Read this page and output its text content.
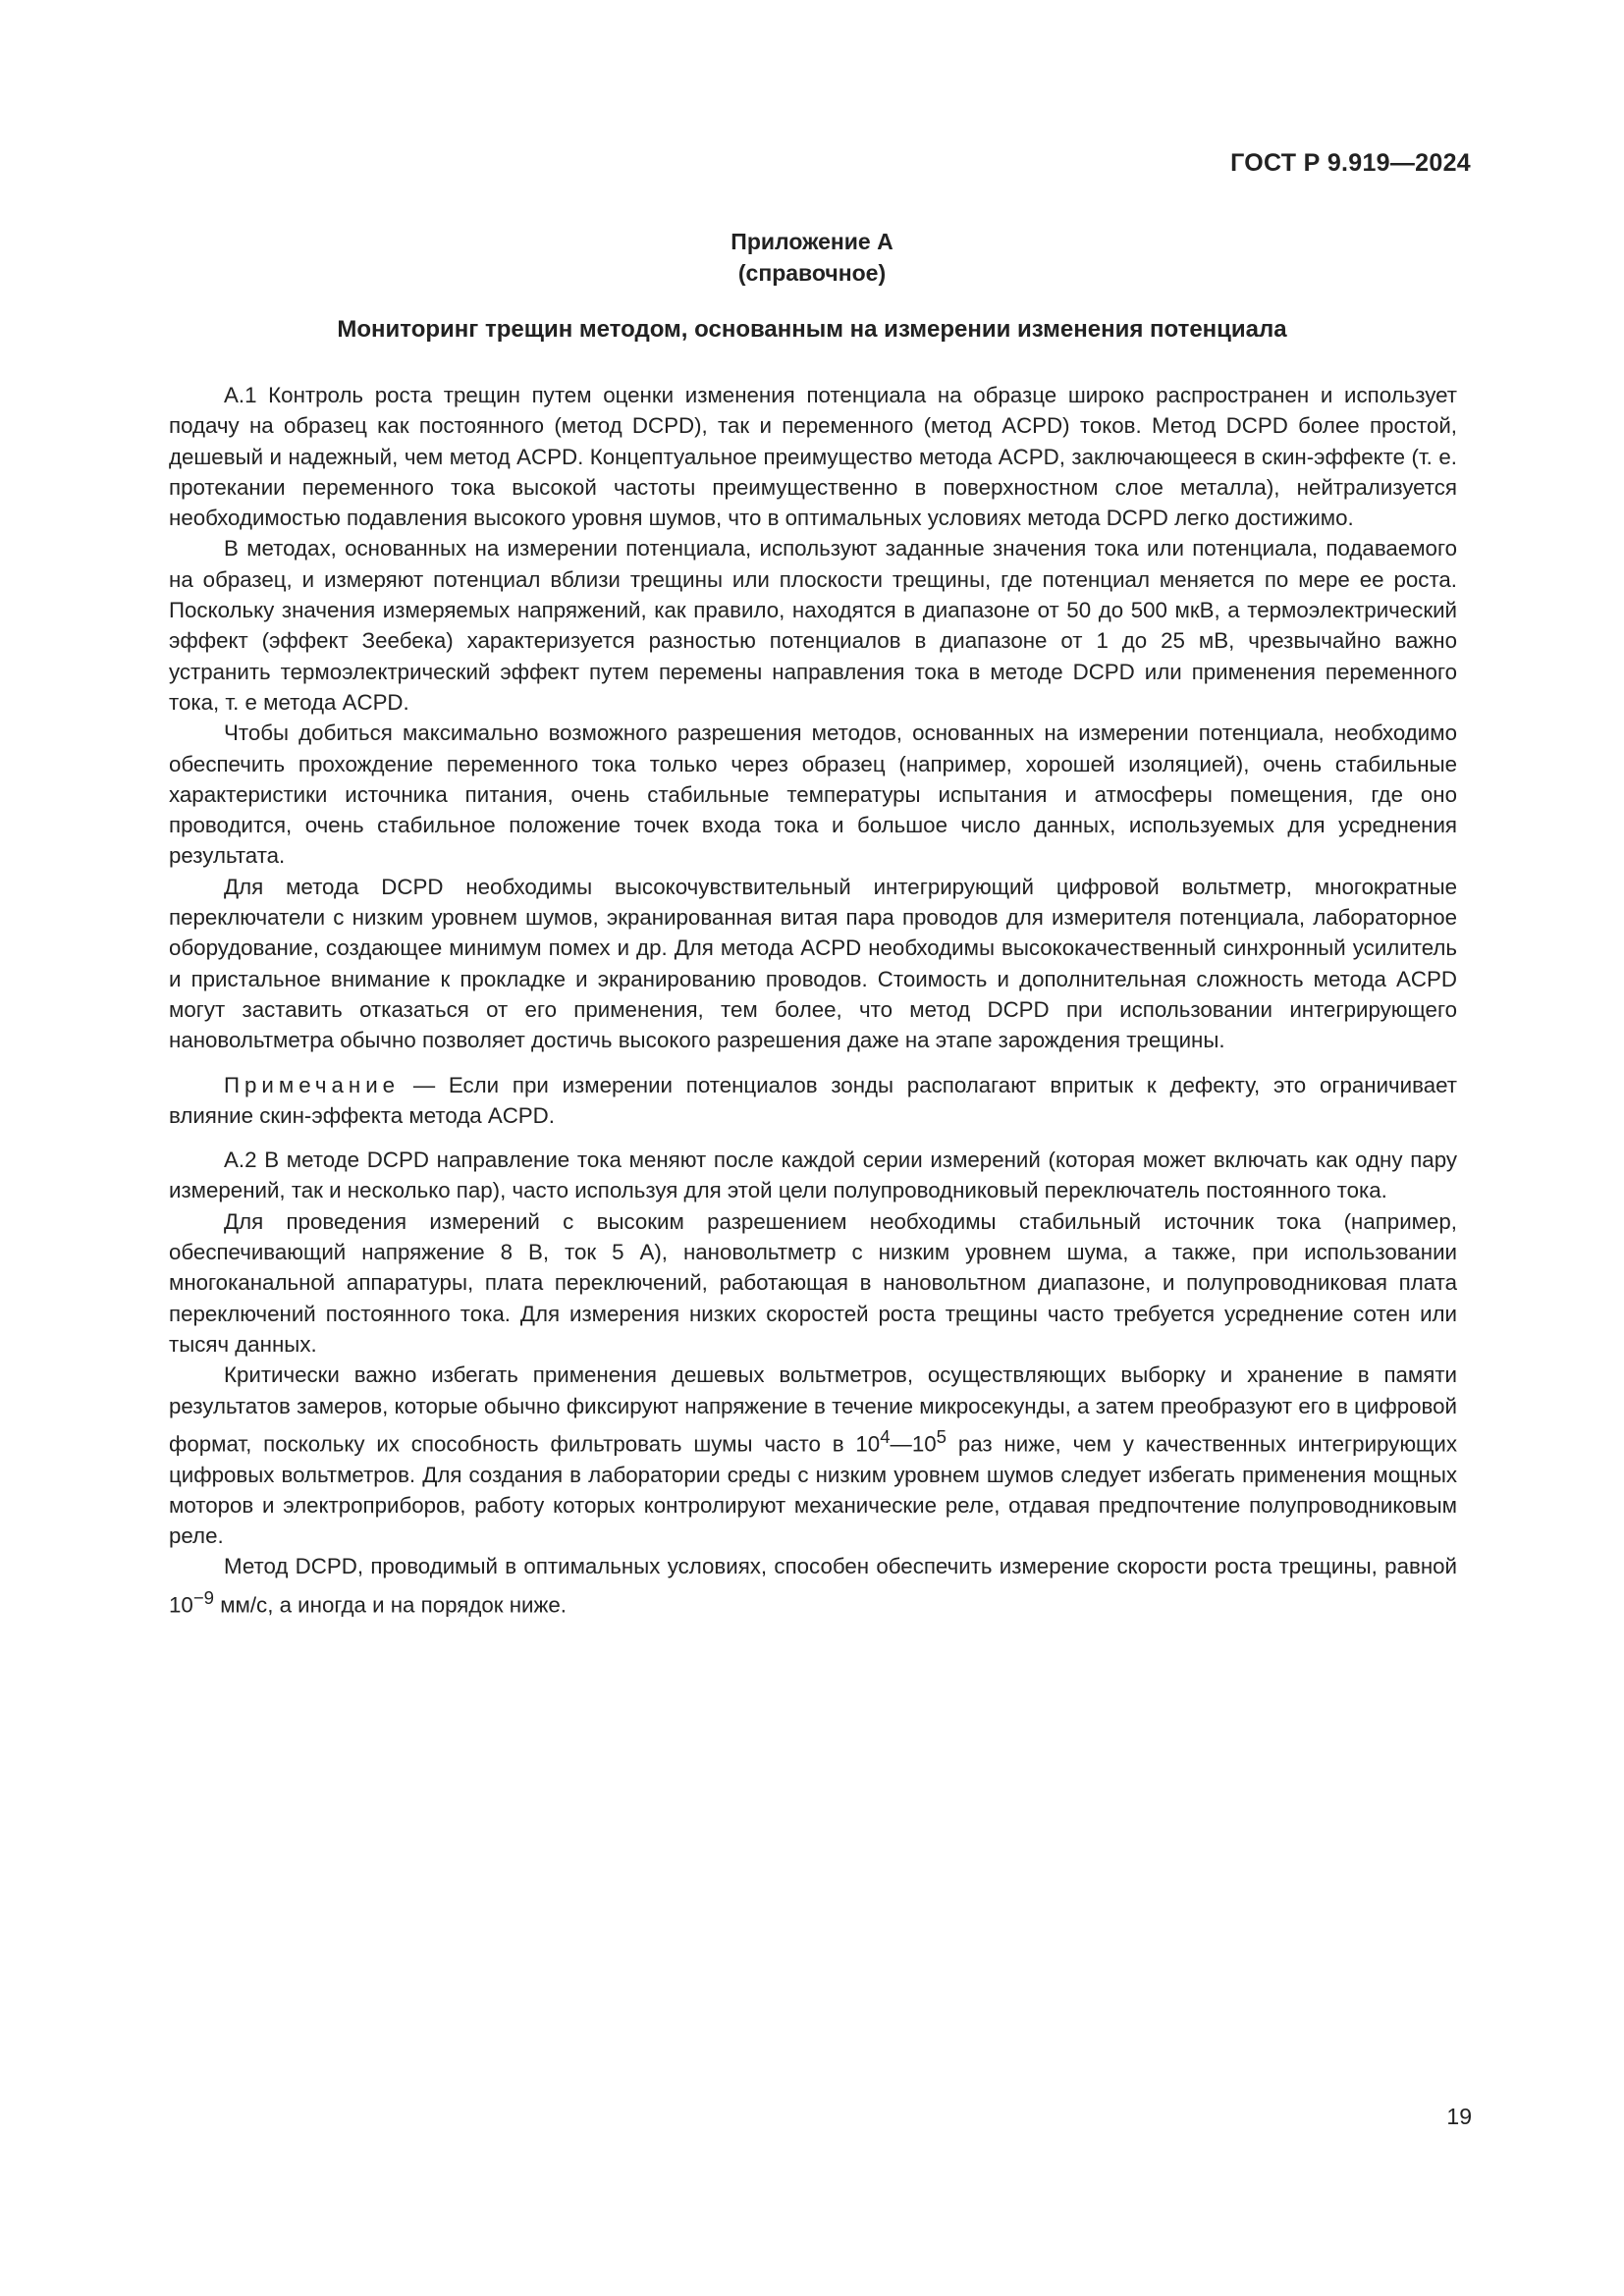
ГОСТ Р 9.919—2024
Приложение А
(справочное)
Мониторинг трещин методом, основанным на измерении изменения потенциала

А.1 Контроль роста трещин путем оценки изменения потенциала на образце широко распространен и использует подачу на образец как постоянного (метод DCPD), так и переменного (метод ACPD) токов. Метод DCPD более простой, дешевый и надежный, чем метод ACPD. Концептуальное преимущество метода ACPD, заключающееся в скин-эффекте (т. е. протекании переменного тока высокой частоты преимущественно в поверхностном слое металла), нейтрализуется необходимостью подавления высокого уровня шумов, что в оптимальных условиях метода DCPD легко достижимо.

В методах, основанных на измерении потенциала, используют заданные значения тока или потенциала, подаваемого на образец, и измеряют потенциал вблизи трещины или плоскости трещины, где потенциал меняется по мере ее роста. Поскольку значения измеряемых напряжений, как правило, находятся в диапазоне от 50 до 500 мкВ, а термоэлектрический эффект (эффект Зеебека) характеризуется разностью потенциалов в диапазоне от 1 до 25 мВ, чрезвычайно важно устранить термоэлектрический эффект путем перемены направления тока в методе DCPD или применения переменного тока, т. е метода ACPD.

Чтобы добиться максимально возможного разрешения методов, основанных на измерении потенциала, необходимо обеспечить прохождение переменного тока только через образец (например, хорошей изоляцией), очень стабильные характеристики источника питания, очень стабильные температуры испытания и атмосферы помещения, где оно проводится, очень стабильное положение точек входа тока и большое число данных, используемых для усреднения результата.

Для метода DCPD необходимы высокочувствительный интегрирующий цифровой вольтметр, многократные переключатели с низким уровнем шумов, экранированная витая пара проводов для измерителя потенциала, лабораторное оборудование, создающее минимум помех и др. Для метода ACPD необходимы высококачественный синхронный усилитель и пристальное внимание к прокладке и экранированию проводов. Стоимость и дополнительная сложность метода ACPD могут заставить отказаться от его применения, тем более, что метод DCPD при использовании интегрирующего нановольтметра обычно позволяет достичь высокого разрешения даже на этапе зарождения трещины.

Примечание — Если при измерении потенциалов зонды располагают впритык к дефекту, это ограничивает влияние скин-эффекта метода ACPD.

А.2 В методе DCPD направление тока меняют после каждой серии измерений (которая может включать как одну пару измерений, так и несколько пар), часто используя для этой цели полупроводниковый переключатель постоянного тока.

Для проведения измерений с высоким разрешением необходимы стабильный источник тока (например, обеспечивающий напряжение 8 В, ток 5 А), нановольтметр с низким уровнем шума, а также, при использовании многоканальной аппаратуры, плата переключений, работающая в нановольтном диапазоне, и полупроводниковая плата переключений постоянного тока. Для измерения низких скоростей роста трещины часто требуется усреднение сотен или тысяч данных.

Критически важно избегать применения дешевых вольтметров, осуществляющих выборку и хранение в памяти результатов замеров, которые обычно фиксируют напряжение в течение микросекунды, а затем преобразуют его в цифровой формат, поскольку их способность фильтровать шумы часто в $10^4—10^5$ раз ниже, чем у качественных интегрирующих цифровых вольтметров. Для создания в лаборатории среды с низким уровнем шумов следует избегать применения мощных моторов и электроприборов, работу которых контролируют механические реле, отдавая предпочтение полупроводниковым реле.

Метод DCPD, проводимый в оптимальных условиях, способен обеспечить измерение скорости роста трещины, равной $10^{-9}$ мм/с, а иногда и на порядок ниже.

19
